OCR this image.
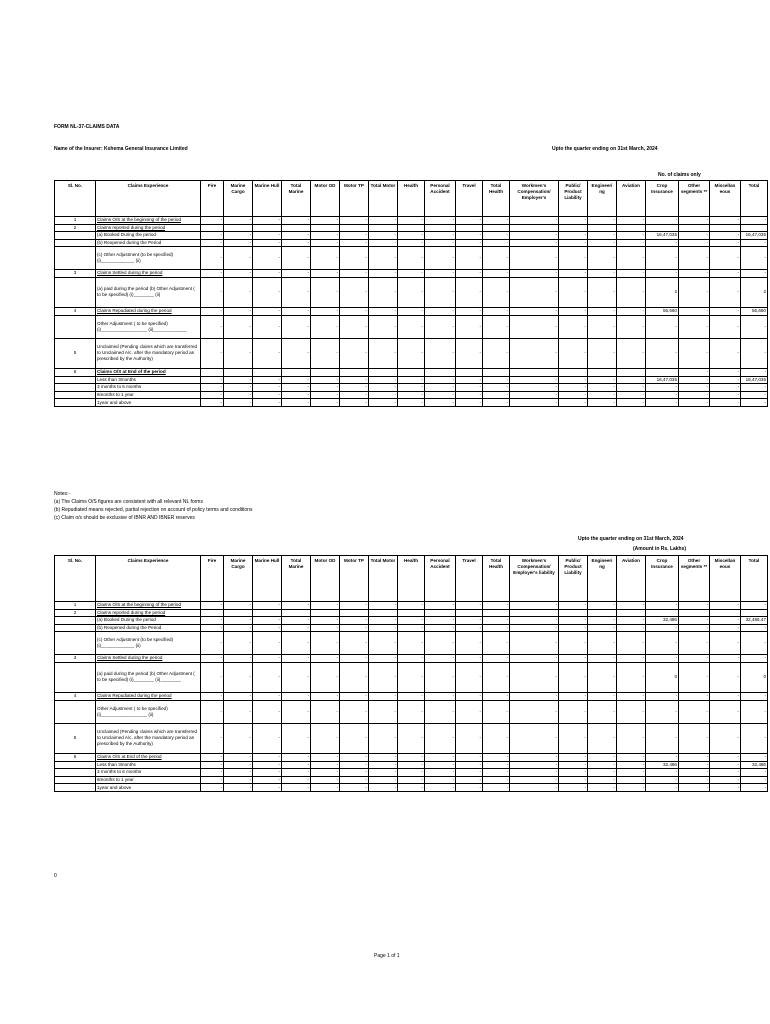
FORM NL-37-CLAIMS DATA
Name of the Insurer: Kshema General Insurance Limited	Upto the quarter ending on 31st March, 2024
No. of claims only
Sl. No.	Claims Experience	Fire	Marine Cargo	Marine Hull	Total Marine	Motor OD	Motor TP	Total Motor	Health	Personal Accident	Travel	Total Health	Workmen's Compensation/ Employer's	Public/ Product Liability	Engineeri ng	Aviation	Crop Insurance	Other segments **	Miscellan eous	Total
1	Claims O/S at the beginning of the period	-	-	-	-	-	-	-	-	-	-	-	-	-	-	-	-	-	-	-
2	Claims reported during the period																			
	(a) Booked During the period	-	-	-	-	-	-	-	-	-	-	-	-	-	-	-	16,47,035	-	-	16,47,035
	(b) Reopened during the Period	-	-	-	-	-	-	-	-	-	-	-	-	-	-	-	-	-	-	-
	(c) Other Adjustment (to be specified) (i)_____________ (ii)	-	-	-	-	-	-	-	-	-	-	-	-	-	-	-	-	-	-	-
3	Claims Settled during the period	-	-	-	-	-	-	-	-	-	-	-	-	-	-	-	-	-	-	-
	(a) paid during the period (b) Other Adjustment ( to be specified) (i)________ (ii)	-	-	-	-	-	-	-	-	-	-	-	-	-	-	-	2	-	-	2
4	Claims Repudiated during the period	-	-	-	-	-	-	-	-	-	-	-	-	-	-	-	56,660	-	-	56,660
	Other Adjustment ( to be specified) (i)__________________ (ii)_____________	-	-	-	-	-	-	-	-	-	-	-	-	-	-	-	-	-	-	-
5	Unclaimed (Pending claims which are transferred to Unclaimed A/c. after the mandatory period as prescribed by the Authority)	-	-	-	-	-	-	-	-	-	-	-	-	-	-	-	-	-	-	-
6	Claims O/S at End of the period																	-	-	-
	Less than 3months	-	-	-	-	-	-	-	-	-	-	-	-	-	-	-	16,47,035	-	-	16,47,035
	3 months to 6 months	-	-	-	-	-	-	-	-	-	-	-	-	-	-	-	-	-	-	-
	6months to 1 year	-	-	-	-	-	-	-	-	-	-	-	-	-	-	-	-	-	-	-
	1year and above	-	-	-	-	-	-	-	-	-	-	-	-	-	-	-	-	-	-	-
Notes:-
(a) The Claims O/S figures are consistent with all relevant NL forms
(b) Repudiated means rejected, partial rejection on account of policy terms and conditions
(c) Claim o/s should be exclusive of IBNR AND IBNER reserves
Upto the quarter ending on 31st March, 2024
(Amount in Rs. Lakhs)
Sl. No.	Claims Experience	Fire	Marine Cargo	Marine Hull	Total Marine	Motor OD	Motor TP	Total Motor	Health	Personal Accident	Travel	Total Health	Workmen's Compensation/ Employer's liability	Public/ Product Liability	Engineeri ng	Aviation	Crop Insurance	Other segments **	Miscellan eous	Total
1	Claims O/S at the beginning of the period	-	-	-	-	-	-	-	-	-	-	-	-	-	-	-	-	-	-	-
2	Claims reported during the period																			
	(a) Booked During the period	-	-	-	-	-	-	-	-	-	-	-	-	-	-	-	32,486	-	-	32,486.47
	(b) Reopened during the Period	-	-	-	-	-	-	-	-	-	-	-	-	-	-	-	-	-	-	-
	(c) Other Adjustment (to be specified) (i)_____________ (ii)	-	-	-	-	-	-	-	-	-	-	-	-	-	-	-	-	-	-	-
3	Claims Settled during the period	-	-	-	-	-	-	-	-	-	-	-	-	-	-	-	-	-	-	-
	(a) paid during the period (b) Other Adjustment ( to be specified) (i)________ (ii)________	-	-	-	-	-	-	-	-	-	-	-	-	-	-	-	0	-	-	0
4	Claims Repudiated during the period	-	-	-	-	-	-	-	-	-	-	-	-	-	-	-	-	-	-	-
	Other Adjustment ( to be specified) (i)__________________ (ii)	-	-	-	-	-	-	-	-	-	-	-	-	-	-	-	-	-	-	-
5	Unclaimed (Pending claims which are transferred to Unclaimed A/c. after the mandatory period as prescribed by the Authority)	-	-	-	-	-	-	-	-	-	-	-	-	-	-	-	-	-	-	-
6	Claims O/S at End of the period	-	-	-	-	-	-	-	-	-	-	-	-	-	-	-	-	-	-	-
	Less than 3months	-	-	-	-	-	-	-	-	-	-	-	-	-	-	-	32,486	-	-	32,486
	3 months to 6 months	-	-	-	-	-	-	-	-	-	-	-	-	-	-	-	-	-	-	-
	6months to 1 year	-	-	-	-	-	-	-	-	-	-	-	-	-	-	-	-	-	-	-
	1year and above	-	-	-	-	-	-	-	-	-	-	-	-	-	-	-	-	-	-	-
0
Page 1 of 1
